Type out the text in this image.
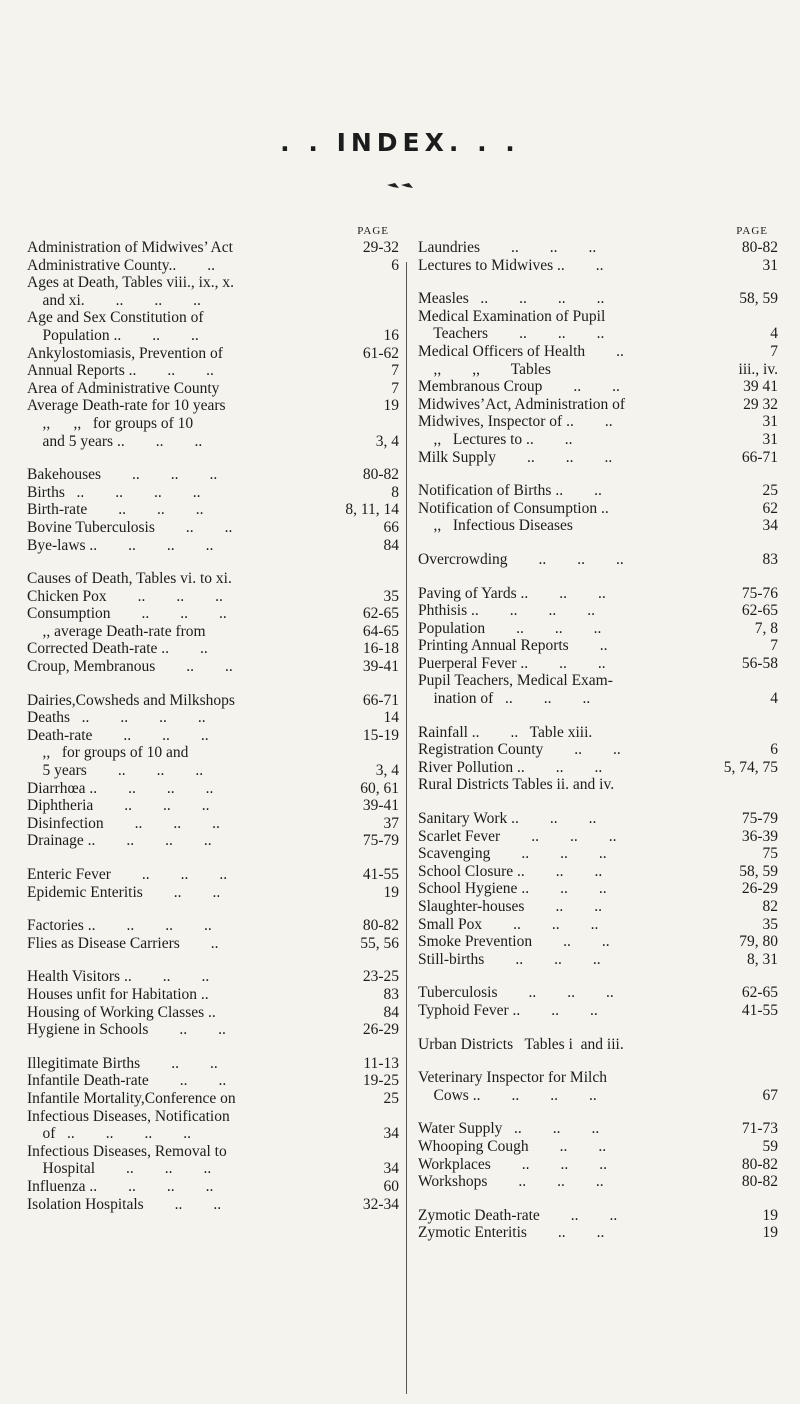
. . INDEX. . .
PAGE
Administration of Midwives’ Act	29-32
Administrative County..        ..	6
Ages at Death, Tables viii., ix., x.
and xi.        ..        ..        ..
Age and Sex Constitution of
Population ..        ..        ..	16
Ankylostomiasis, Prevention of	61-62
Annual Reports ..        ..        ..	7
Area of Administrative County	7
Average Death-rate for 10 years	19
,,      ,,   for groups of 10
and 5 years ..        ..        ..	3, 4
Bakehouses        ..        ..        ..	80-82
Births   ..        ..        ..        ..	8
Birth-rate        ..        ..        ..	8, 11, 14
Bovine Tuberculosis        ..        ..	66
Bye-laws ..        ..        ..        ..	84
Causes of Death, Tables vi. to xi.
Chicken Pox        ..        ..        ..	35
Consumption        ..        ..        ..	62-65
,, average Death-rate from	64-65
Corrected Death-rate ..        ..	16-18
Croup, Membranous        ..        ..	39-41
Dairies,Cowsheds and Milkshops	66-71
Deaths   ..        ..        ..        ..	14
Death-rate        ..        ..        ..	15-19
,,   for groups of 10 and
5 years        ..        ..        ..	3, 4
Diarrhœa ..        ..        ..        ..	60, 61
Diphtheria        ..        ..        ..	39-41
Disinfection        ..        ..        ..	37
Drainage ..        ..        ..        ..	75-79
Enteric Fever        ..        ..        ..	41-55
Epidemic Enteritis        ..        ..	19
Factories ..        ..        ..        ..	80-82
Flies as Disease Carriers        ..	55, 56
Health Visitors ..        ..        ..	23-25
Houses unfit for Habitation ..	83
Housing of Working Classes ..	84
Hygiene in Schools        ..        ..	26-29
Illegitimate Births        ..        ..	11-13
Infantile Death-rate        ..        ..	19-25
Infantile Mortality,Conference on	25
Infectious Diseases, Notification
of   ..        ..        ..        ..	34
Infectious Diseases, Removal to
Hospital        ..        ..        ..	34
Influenza ..        ..        ..        ..	60
Isolation Hospitals        ..        ..	32-34
PAGE
Laundries        ..        ..        ..	80-82
Lectures to Midwives ..        ..	31
Measles   ..        ..        ..        ..	58, 59
Medical Examination of Pupil
Teachers        ..        ..        ..	4
Medical Officers of Health        ..	7
,,        ,,        Tables	iii., iv.
Membranous Croup        ..        ..	39 41
Midwives’Act, Administration of	29 32
Midwives, Inspector of ..        ..	31
,,   Lectures to ..        ..	31
Milk Supply        ..        ..        ..	66-71
Notification of Births ..        ..	25
Notification of Consumption ..	62
,,   Infectious Diseases	34
Overcrowding        ..        ..        ..	83
Paving of Yards ..        ..        ..	75-76
Phthisis ..        ..        ..        ..	62-65
Population        ..        ..        ..	7, 8
Printing Annual Reports        ..	7
Puerperal Fever ..        ..        ..	56-58
Pupil Teachers, Medical Exam-
ination of   ..        ..        ..	4
Rainfall ..        ..   Table xiii.
Registration County        ..        ..	6
River Pollution ..        ..        ..	5, 74, 75
Rural Districts Tables ii. and iv.
Sanitary Work ..        ..        ..	75-79
Scarlet Fever        ..        ..        ..	36-39
Scavenging        ..        ..        ..	75
School Closure ..        ..        ..	58, 59
School Hygiene ..        ..        ..	26-29
Slaughter-houses        ..        ..	82
Small Pox        ..        ..        ..	35
Smoke Prevention        ..        ..	79, 80
Still-births        ..        ..        ..	8, 31
Tuberculosis        ..        ..        ..	62-65
Typhoid Fever ..        ..        ..	41-55
Urban Districts   Tables i  and iii.
Veterinary Inspector for Milch
Cows ..        ..        ..        ..	67
Water Supply   ..        ..        ..	71-73
Whooping Cough        ..        ..	59
Workplaces        ..        ..        ..	80-82
Workshops        ..        ..        ..	80-82
Zymotic Death-rate        ..        ..	19
Zymotic Enteritis        ..        ..	19
